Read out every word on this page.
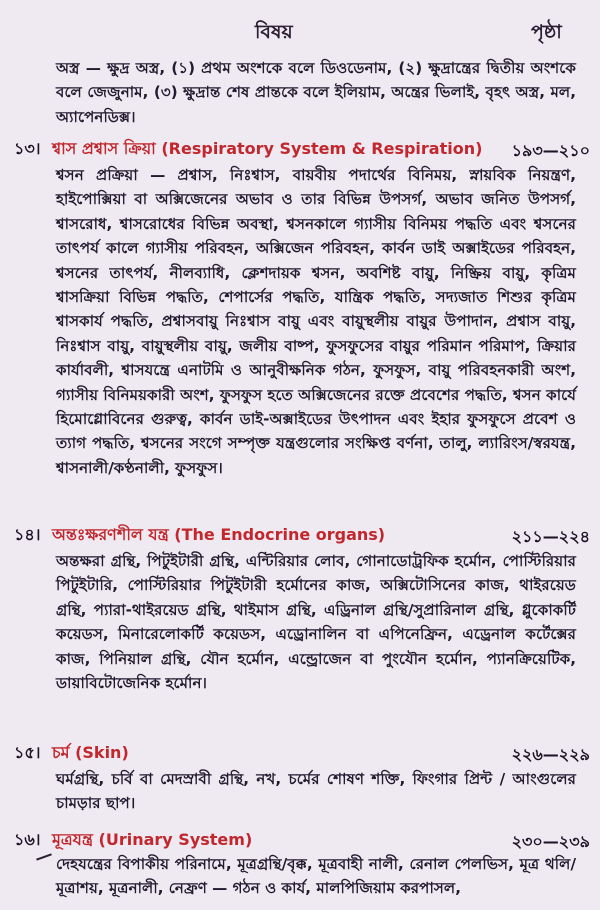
বিষয়	পৃষ্ঠা
অস্ত্র — ক্ষুদ্র অস্ত্র, (১) প্রথম অংশকে বলে ডিওডেনাম, (২) ক্ষুদ্রান্ত্রের দ্বিতীয় অংশকে বলে জেজুনাম, (৩) ক্ষুদ্রান্ত শেষ প্রান্তকে বলে ইলিয়াম, অন্ত্রের ভিলাই, বৃহৎ অস্ত্র, মল, অ্যাপেনডিক্স।
১৩। শ্বাস প্রশ্বাস ক্রিয়া (Respiratory System & Respiration) ১৯৩—২১০
শ্বসন প্রক্রিয়া — প্রশ্বাস, নিঃশ্বাস, বায়বীয় পদার্থের বিনিময়, স্নায়বিক নিয়ন্ত্রণ, হাইপোক্সিয়া বা অক্সিজেনের অভাব ও তার বিভিন্ন উপসর্গ, অভাব জনিত উপসর্গ, শ্বাসরোধ, শ্বাসরোধের বিভিন্ন অবস্থা, শ্বসনকালে গ্যাসীয় বিনিময় পদ্ধতি এবং শ্বসনের তাৎপর্য কালে গ্যাসীয় পরিবহন, অক্সিজেন পরিবহন, কার্বন ডাই অক্সাইডের পরিবহন, শ্বসনের তাৎপর্য, নীলব্যাধি, ক্লেশদায়ক শ্বসন, অবশিষ্ট বায়ু, নিষ্ক্রিয় বায়ু, কৃত্রিম শ্বাসক্রিয়া বিভিন্ন পদ্ধতি, শেপার্সের পদ্ধতি, যান্ত্রিক পদ্ধতি, সদ্যজাত শিশুর কৃত্রিম শ্বাসকার্য পদ্ধতি, প্রশ্বাসবায়ু নিঃশ্বাস বায়ু এবং বায়ুস্থলীয় বায়ুর উপাদান, প্রশ্বাস বায়ু, নিঃশ্বাস বায়ু, বায়ুস্থলীয় বায়ু, জলীয় বাষ্প, ফুসফুসের বায়ুর পরিমান পরিমাপ, ক্রিয়ার কার্যাবলী, শ্বাসযন্ত্রে এনাটমি ও আনুবীক্ষনিক গঠন, ফুসফুস, বায়ু পরিবহনকারী অংশ, গ্যাসীয় বিনিময়কারী অংশ, ফুসফুস হতে অক্সিজেনের রক্তে প্রবেশের পদ্ধতি, শ্বসন কার্যে হিমোগ্লোবিনের গুরুত্ব, কার্বন ডাই-অক্সাইডের উৎপাদন এবং ইহার ফুসফুসে প্রবেশ ও ত্যাগ পদ্ধতি, শ্বসনের সংগে সম্পৃক্ত যন্ত্রগুলোর সংক্ষিপ্ত বর্ণনা, তালু, ল্যারিংস/স্বরযন্ত্র, শ্বাসনালী/কণ্ঠনালী, ফুসফুস।
১৪। অন্তঃক্ষরণশীল যন্ত্র (The Endocrine organs)	২১১—২২৪
অন্তক্ষরা গ্রন্থি, পিটুইটারী গ্রন্থি, এন্টিরিয়ার লোব, গোনাডোট্রফিক হর্মোন, পোস্টিরিয়ার পিটুইটারি, পোস্টিরিয়ার পিটুইটারী হর্মোনের কাজ, অক্সিটোসিনের কাজ, থাইরয়েড গ্রন্থি, প্যারা-থাইরয়েড গ্রন্থি, থাইমাস গ্রন্থি, এড্রিনাল গ্রন্থি/সুপ্রারিনাল গ্রন্থি, গ্লুকোকর্টি কয়েডস, মিনারেলোকর্টি কয়েডস, এড্রোনালিন বা এপিনেফ্রিন, এড্রেনাল কর্টেক্সের কাজ, পিনিয়াল গ্রন্থি, যৌন হর্মোন, এন্ড্রোজেন বা পুংযৌন হর্মোন, প্যানক্রিয়েটিক, ডায়াবিটোজেনিক হর্মোন।
১৫। চর্ম (Skin)	২২৬—২২৯
ঘর্মগ্রন্থি, চর্বি বা মেদস্রাবী গ্রন্থি, নখ, চর্মের শোষণ শক্তি, ফিংগার প্রিন্ট / আংগুলের চামড়ার ছাপ।
১৬। মূত্রযন্ত্র (Urinary System)	২৩০—২৩৯
দেহযন্ত্রের বিপাকীয় পরিনামে, মূত্রগ্রন্থি/বৃক্ক, মূত্রবাহী নালী, রেনাল পেলভিস, মূত্র থলি/মূত্রাশয়, মূত্রনালী, নেফ্রণ — গঠন ও কার্য, মালপিজিয়াম করপাসল,
